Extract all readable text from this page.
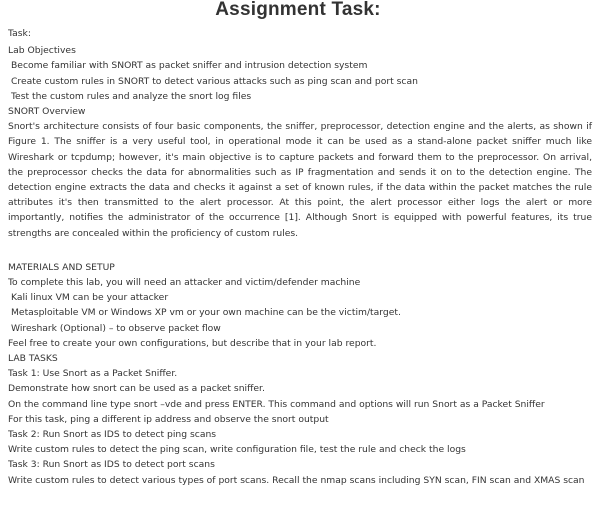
Assignment Task:
Task:
Lab Objectives
Become familiar with SNORT as packet sniffer and intrusion detection system
Create custom rules in SNORT to detect various attacks such as ping scan and port scan
Test the custom rules and analyze the snort log files
SNORT Overview
Snort's architecture consists of four basic components, the sniffer, preprocessor, detection engine and the alerts, as shown if Figure 1. The sniffer is a very useful tool, in operational mode it can be used as a stand-alone packet sniffer much like Wireshark or tcpdump; however, it's main objective is to capture packets and forward them to the preprocessor. On arrival, the preprocessor checks the data for abnormalities such as IP fragmentation and sends it on to the detection engine. The detection engine extracts the data and checks it against a set of known rules, if the data within the packet matches the rule attributes it's then transmitted to the alert processor. At this point, the alert processor either logs the alert or more importantly, notifies the administrator of the occurrence [1]. Although Snort is equipped with powerful features, its true strengths are concealed within the proficiency of custom rules.
MATERIALS AND SETUP
To complete this lab, you will need an attacker and victim/defender machine
Kali linux VM can be your attacker
Metasploitable VM or Windows XP vm or your own machine can be the victim/target.
Wireshark (Optional) – to observe packet flow
Feel free to create your own configurations, but describe that in your lab report.
LAB TASKS
Task 1: Use Snort as a Packet Sniffer.
Demonstrate how snort can be used as a packet sniffer.
On the command line type snort –vde and press ENTER. This command and options will run Snort as a Packet Sniffer
For this task, ping a different ip address and observe the snort output
Task 2: Run Snort as IDS to detect ping scans
Write custom rules to detect the ping scan, write configuration file, test the rule and check the logs
Task 3: Run Snort as IDS to detect port scans
Write custom rules to detect various types of port scans. Recall the nmap scans including SYN scan, FIN scan and XMAS scan
